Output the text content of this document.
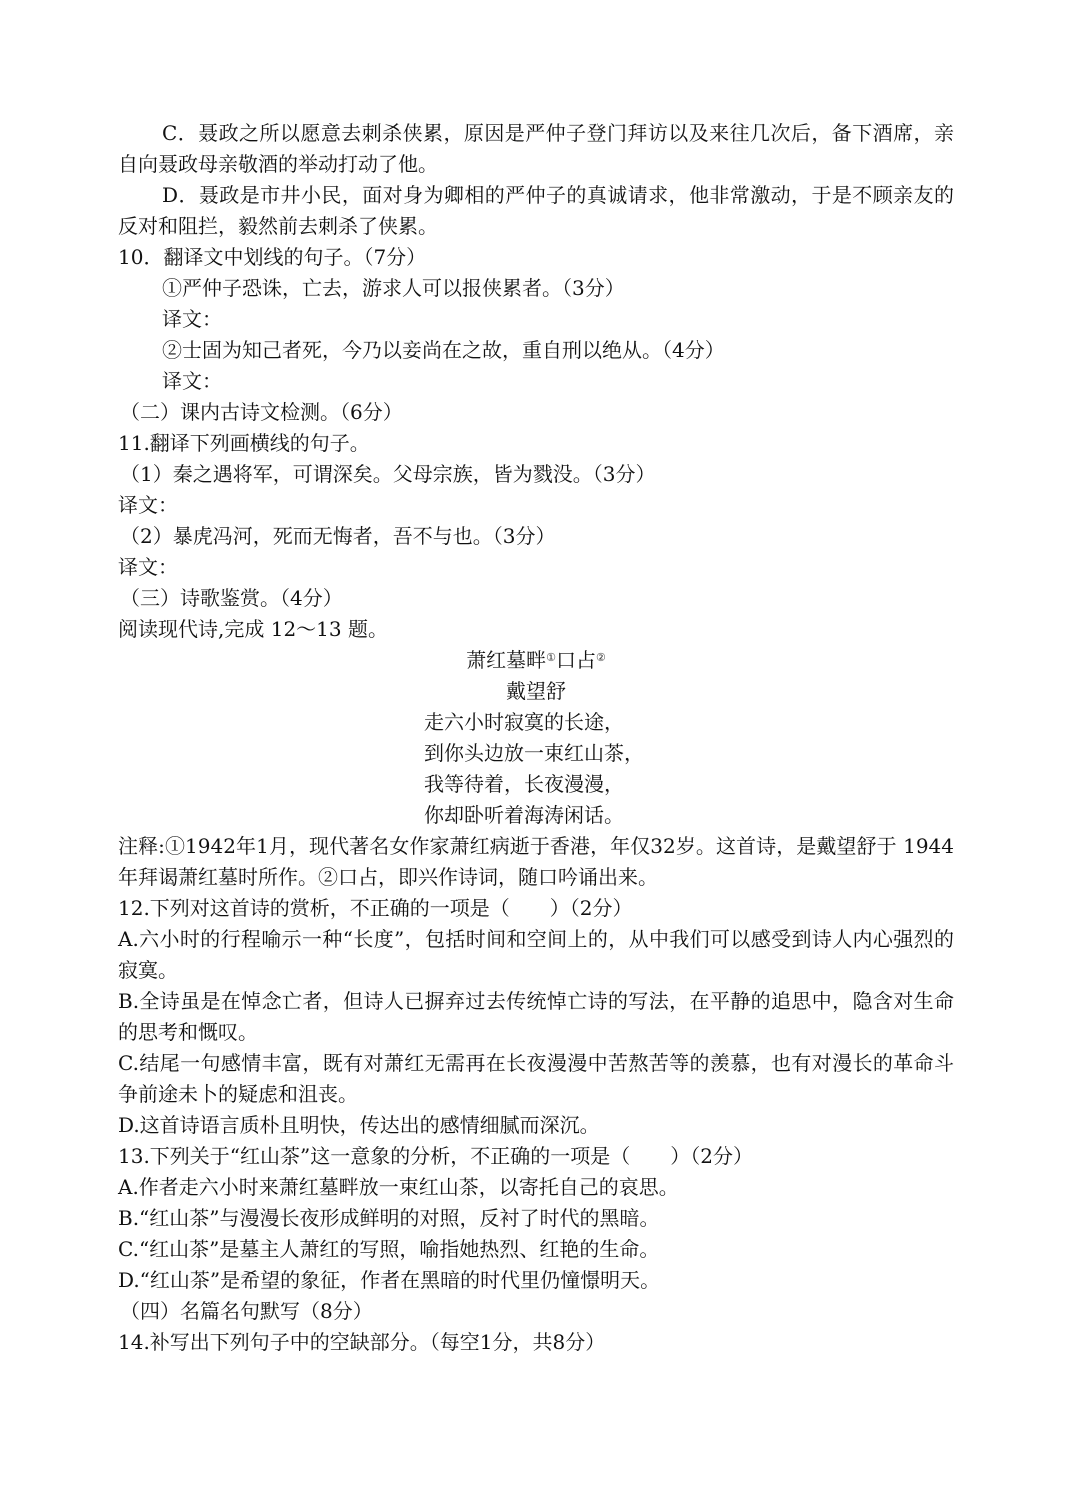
C．聂政之所以愿意去刺杀侠累，原因是严仲子登门拜访以及来往几次后，备下酒席，亲自向聂政母亲敬酒的举动打动了他。

D．聂政是市井小民，面对身为卿相的严仲子的真诚请求，他非常激动，于是不顾亲友的反对和阻拦，毅然前去刺杀了侠累。

10．翻译文中划线的句子。（7分）

①严仲子恐诛，亡去，游求人可以报侠累者。（3分）

译文：

②士固为知己者死，今乃以妾尚在之故，重自刑以绝从。（4分）

译文：

（二）课内古诗文检测。（6分）

11.翻译下列画横线的句子。

（1）秦之遇将军，可谓深矣。父母宗族，皆为戮没。（3分）

译文：

（2）暴虎冯河，死而无悔者，吾不与也。（3分）

译文：

（三）诗歌鉴赏。（4分）

阅读现代诗,完成 12～13 题。

萧红墓畔①口占②

戴望舒

走六小时寂寞的长途，

到你头边放一束红山茶，

我等待着，长夜漫漫，

你却卧听着海涛闲话。

注释:①1942年1月，现代著名女作家萧红病逝于香港，年仅32岁。这首诗，是戴望舒于 1944 年拜谒萧红墓时所作。②口占，即兴作诗词，随口吟诵出来。

12.下列对这首诗的赏析，不正确的一项是（　　）（2分）

A.六小时的行程喻示一种“长度”，包括时间和空间上的，从中我们可以感受到诗人内心强烈的寂寞。

B.全诗虽是在悼念亡者，但诗人已摒弃过去传统悼亡诗的写法，在平静的追思中，隐含对生命的思考和慨叹。

C.结尾一句感情丰富，既有对萧红无需再在长夜漫漫中苦熬苦等的羡慕，也有对漫长的革命斗争前途未卜的疑虑和沮丧。

D.这首诗语言质朴且明快，传达出的感情细腻而深沉。

13.下列关于“红山茶”这一意象的分析，不正确的一项是（　　）（2分）

A.作者走六小时来萧红墓畔放一束红山茶，以寄托自己的哀思。

B.“红山茶”与漫漫长夜形成鲜明的对照，反衬了时代的黑暗。

C.“红山茶”是墓主人萧红的写照，喻指她热烈、红艳的生命。

D.“红山茶”是希望的象征，作者在黑暗的时代里仍憧憬明天。

（四）名篇名句默写（8分）

14.补写出下列句子中的空缺部分。（每空1分，共8分）
